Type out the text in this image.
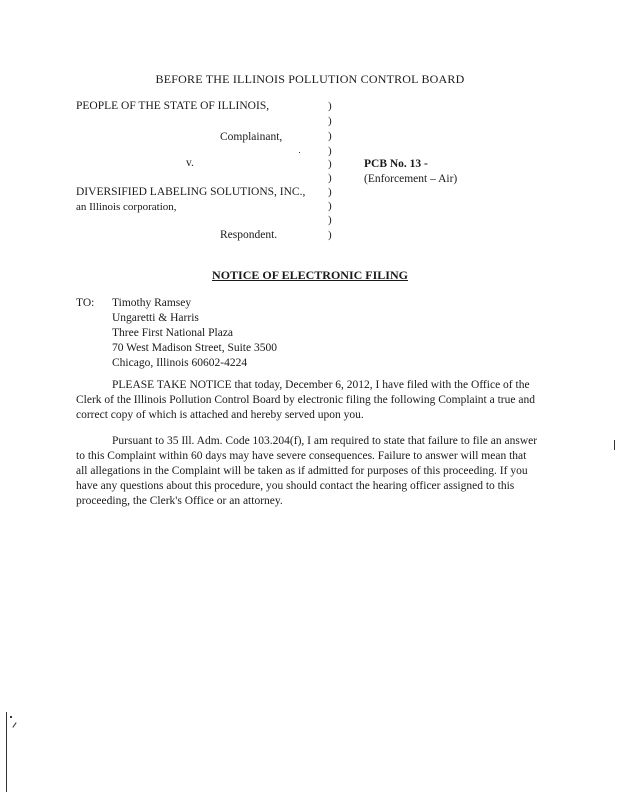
BEFORE THE ILLINOIS POLLUTION CONTROL BOARD
PEOPLE OF THE STATE OF ILLINOIS,
Complainant,
v.
DIVERSIFIED LABELING SOLUTIONS, INC.,
an Illinois corporation,
Respondent.
)
)
)
)
)
)
)
)
)
)
PCB No. 13 -
(Enforcement – Air)
NOTICE OF ELECTRONIC FILING
TO: Timothy Ramsey
Ungaretti & Harris
Three First National Plaza
70 West Madison Street, Suite 3500
Chicago, Illinois 60602-4224
PLEASE TAKE NOTICE that today, December 6, 2012, I have filed with the Office of the Clerk of the Illinois Pollution Control Board by electronic filing the following Complaint a true and correct copy of which is attached and hereby served upon you.
Pursuant to 35 Ill. Adm. Code 103.204(f), I am required to state that failure to file an answer to this Complaint within 60 days may have severe consequences. Failure to answer will mean that all allegations in the Complaint will be taken as if admitted for purposes of this proceeding. If you have any questions about this procedure, you should contact the hearing officer assigned to this proceeding, the Clerk's Office or an attorney.
